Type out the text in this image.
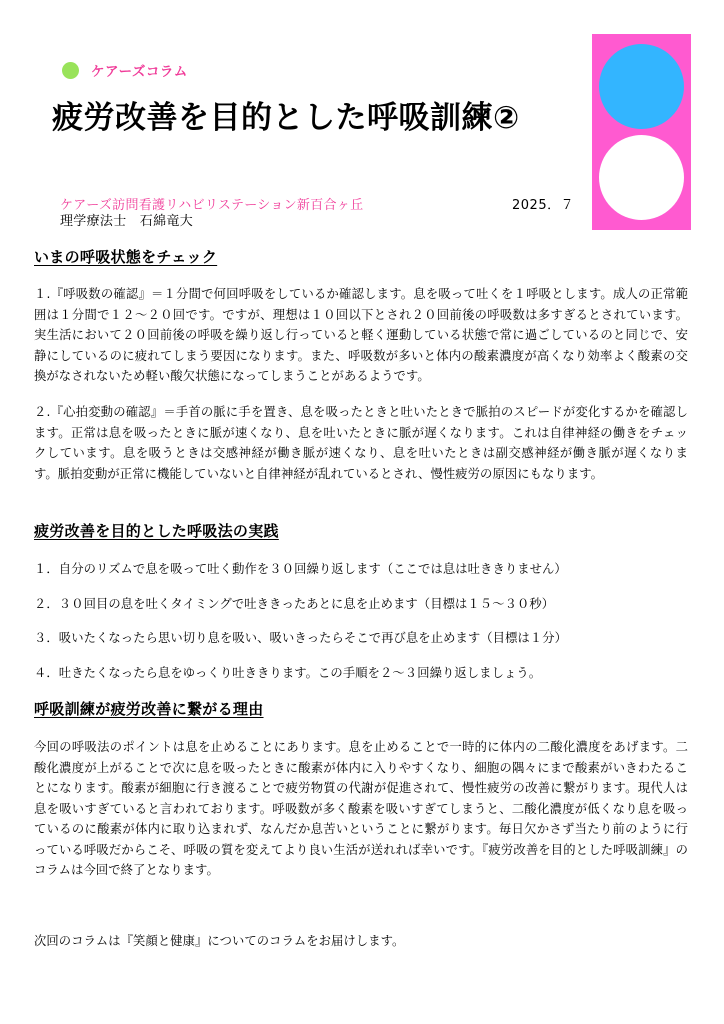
ケアーズコラム
疲労改善を目的とした呼吸訓練②
ケアーズ訪問看護リハビリステーション新百合ヶ丘	2025．７
理学療法士　石綿竜大
いまの呼吸状態をチェック

１.『呼吸数の確認』＝１分間で何回呼吸をしているか確認します。息を吸って吐くを１呼吸とします。成人の正常範囲は１分間で１２～２０回です。ですが、理想は１０回以下とされ２０回前後の呼吸数は多すぎるとされています。実生活において２０回前後の呼吸を繰り返し行っていると軽く運動している状態で常に過ごしているのと同じで、安静にしているのに疲れてしまう要因になります。また、呼吸数が多いと体内の酸素濃度が高くなり効率よく酸素の交換がなされないため軽い酸欠状態になってしまうことがあるようです。

２.『心拍変動の確認』＝手首の脈に手を置き、息を吸ったときと吐いたときで脈拍のスピードが変化するかを確認します。正常は息を吸ったときに脈が速くなり、息を吐いたときに脈が遅くなります。これは自律神経の働きをチェックしています。息を吸うときは交感神経が働き脈が速くなり、息を吐いたときは副交感神経が働き脈が遅くなります。脈拍変動が正常に機能していないと自律神経が乱れているとされ、慢性疲労の原因にもなります。

疲労改善を目的とした呼吸法の実践
１．自分のリズムで息を吸って吐く動作を３０回繰り返します（ここでは息は吐ききりません）
２．３０回目の息を吐くタイミングで吐ききったあとに息を止めます（目標は１５～３０秒）
３．吸いたくなったら思い切り息を吸い、吸いきったらそこで再び息を止めます（目標は１分）
４．吐きたくなったら息をゆっくり吐ききります。この手順を２～３回繰り返しましょう。
呼吸訓練が疲労改善に繋がる理由

今回の呼吸法のポイントは息を止めることにあります。息を止めることで一時的に体内の二酸化濃度をあげます。二酸化濃度が上がることで次に息を吸ったときに酸素が体内に入りやすくなり、細胞の隅々にまで酸素がいきわたることになります。酸素が細胞に行き渡ることで疲労物質の代謝が促進されて、慢性疲労の改善に繋がります。現代人は息を吸いすぎていると言われております。呼吸数が多く酸素を吸いすぎてしまうと、二酸化濃度が低くなり息を吸っているのに酸素が体内に取り込まれず、なんだか息苦いということに繋がります。毎日欠かさず当たり前のように行っている呼吸だからこそ、呼吸の質を変えてより良い生活が送れれば幸いです。『疲労改善を目的とした呼吸訓練』のコラムは今回で終了となります。

次回のコラムは『笑顔と健康』についてのコラムをお届けします。
